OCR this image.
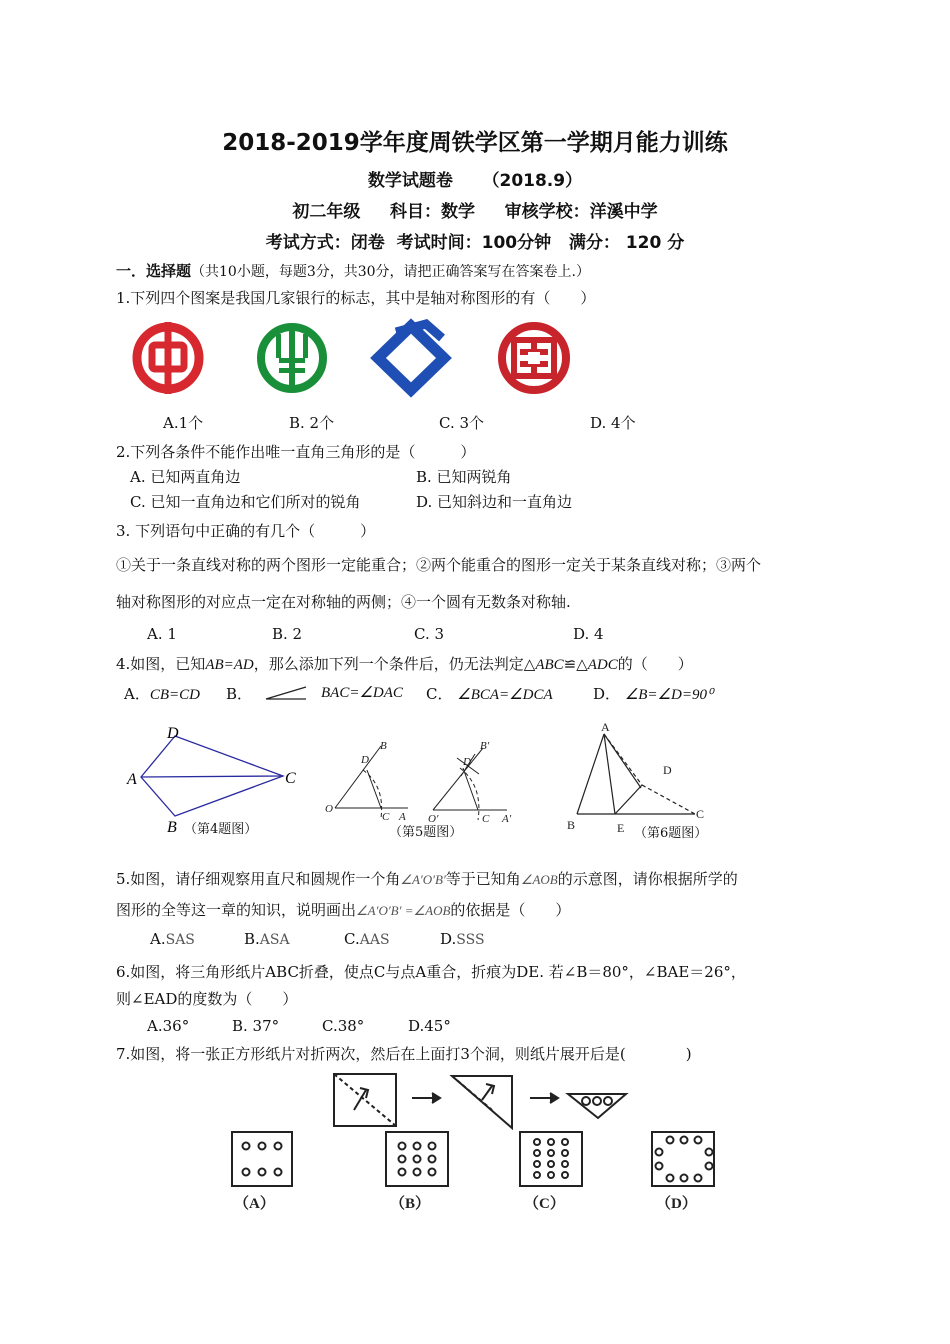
2018-2019学年度周铁学区第一学期月能力训练
数学试题卷 （2018.9）
初二年级 科目：数学 审核学校：洋溪中学
考试方式：闭卷 考试时间：100分钟 满分： 120 分
一．选择题（共10小题，每题3分，共30分，请把正确答案写在答案卷上.）
1.下列四个图案是我国几家银行的标志，其中是轴对称图形的有（　　）
A.1个	B. 2个	C. 3个	D. 4个
2.下列各条件不能作出唯一直角三角形的是（　　　）
A. 已知两直角边	B. 已知两锐角
C. 已知一直角边和它们所对的锐角	D. 已知斜边和一直角边
3. 下列语句中正确的有几个（　　　）
①关于一条直线对称的两个图形一定能重合；②两个能重合的图形一定关于某条直线对称；③两个
轴对称图形的对应点一定在对称轴的两侧；④一个圆有无数条对称轴.
A. 1	B. 2	C. 3	D. 4
4.如图，已知AB=AD，那么添加下列一个条件后，仍无法判定△ABC≌△ADC的（　　）
A．CB=CD B．	BAC=∠DAC C． ∠BCA=∠DCA	D． ∠B=∠D=90⁰
D
A	C
B
B
D
O
C A
B′
D
O′	C A′
A
D
B	E
C
（第4题图）	（第5题图）	（第6题图）
5.如图，请仔细观察用直尺和圆规作一个角∠A′O′B′等于已知角∠AOB的示意图，请你根据所学的
图形的全等这一章的知识，说明画出∠A′O′B′ =∠AOB的依据是（　　）
A.SAS	B.ASA	C.AAS	D.SSS
6.如图，将三角形纸片ABC折叠，使点C与点A重合，折痕为DE. 若∠B＝80°，∠BAE＝26°，
则∠EAD的度数为（　　）
A.36°	B. 37°	C.38°	D.45°
7.如图，将一张正方形纸片对折两次，然后在上面打3个洞，则纸片展开后是(　　　　)
（A）	（B）	（C）	（D）
